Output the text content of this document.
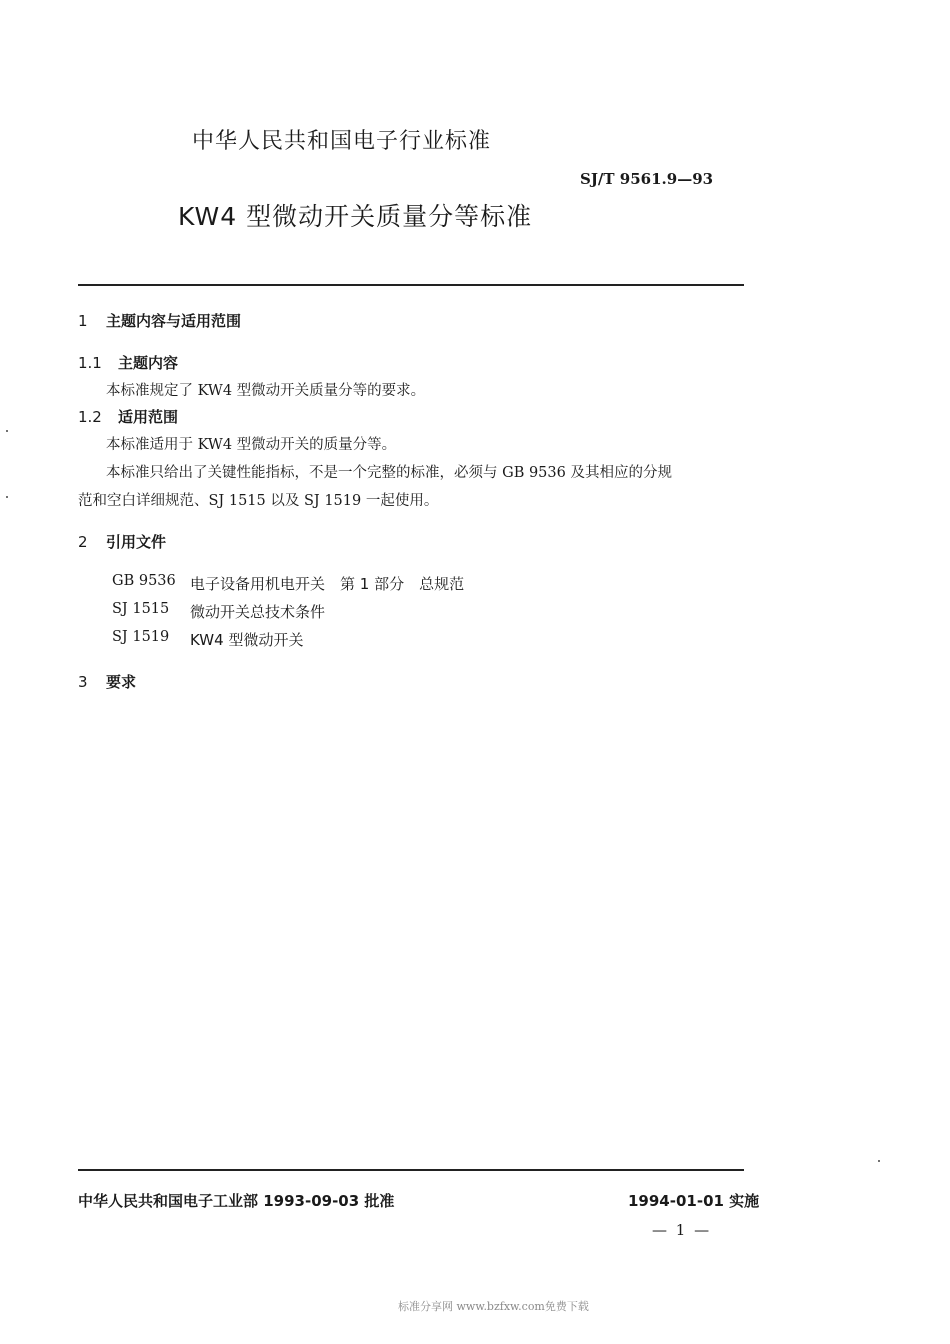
中华人民共和国电子行业标准
SJ/T 9561.9—93
KW4 型微动开关质量分等标准
1 主题内容与适用范围
1.1 主题内容
本标准规定了 KW4 型微动开关质量分等的要求。
1.2 适用范围
本标准适用于 KW4 型微动开关的质量分等。
本标准只给出了关键性能指标，不是一个完整的标准，必须与 GB 9536 及其相应的分规
范和空白详细规范、SJ 1515 以及 SJ 1519 一起使用。
2 引用文件
GB 9536 电子设备用机电开关　第 1 部分　总规范
SJ 1515 微动开关总技术条件
SJ 1519 KW4 型微动开关
3 要求
中华人民共和国电子工业部 1993-09-03 批准	1994-01-01 实施
— 1 —
标准分享网 www.bzfxw.com免费下载
